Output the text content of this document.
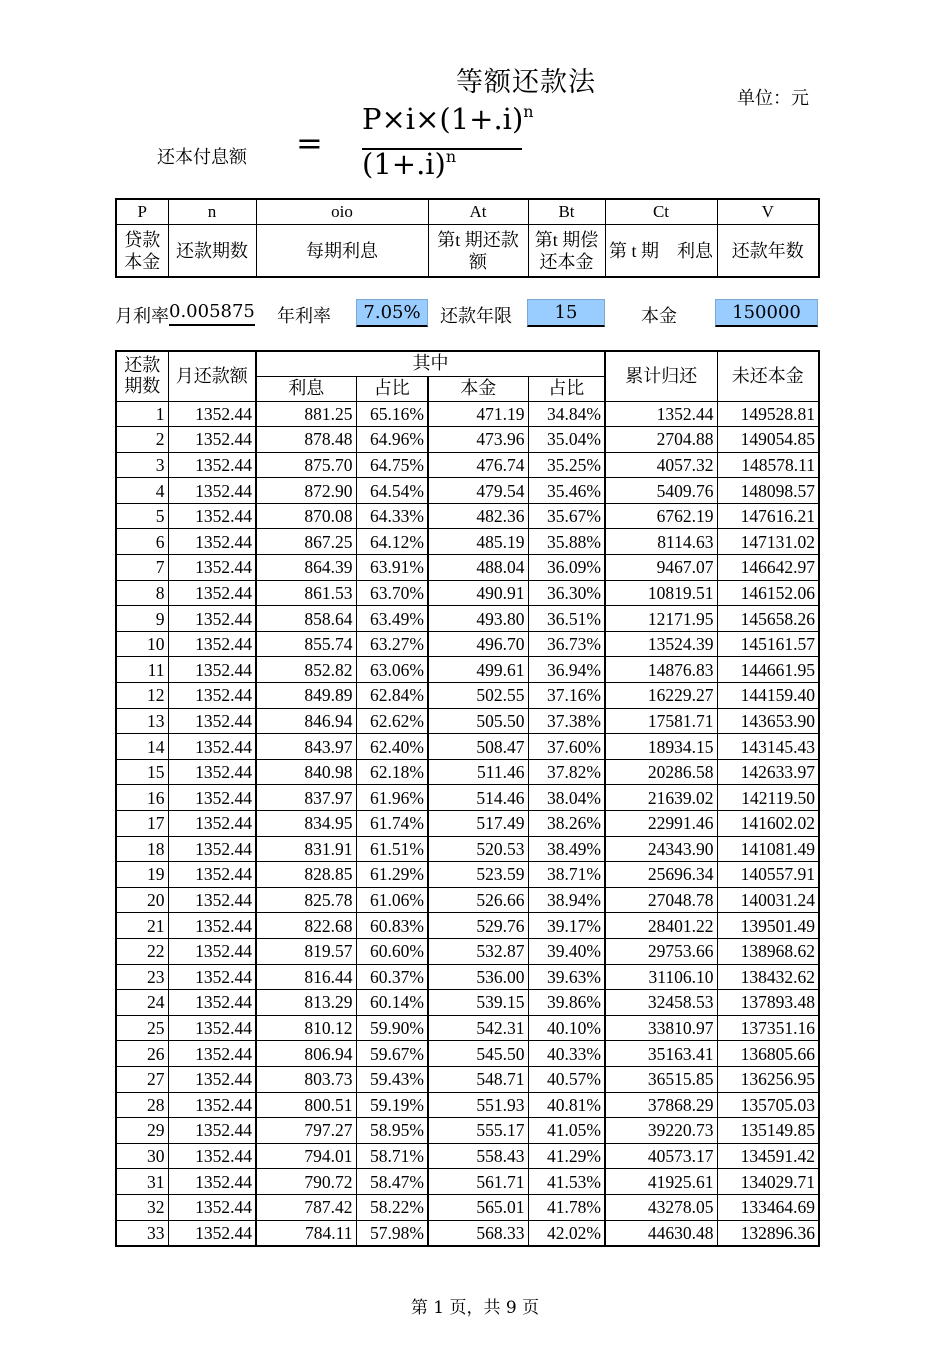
等额还款法
单位：元
还本付息额 =
$P\times i\times(1+.i)^n$
$(1+.i)^n$
P	n	oio	At	Bt	Ct	V
贷款本金	还款期数	每期利息	第t 期还款额	第t 期偿还本金	第 t 期　利息	还款年数
月利率 0.005875 年利率	7.05%	还款年限	15	本金	150000
还款期数	月还款额	其中				累计归还	未还本金
		利息	占比	本金	占比		
1	1352.44	881.25	65.16%	471.19	34.84%	1352.44	149528.81
2	1352.44	878.48	64.96%	473.96	35.04%	2704.88	149054.85
3	1352.44	875.70	64.75%	476.74	35.25%	4057.32	148578.11
4	1352.44	872.90	64.54%	479.54	35.46%	5409.76	148098.57
5	1352.44	870.08	64.33%	482.36	35.67%	6762.19	147616.21
6	1352.44	867.25	64.12%	485.19	35.88%	8114.63	147131.02
7	1352.44	864.39	63.91%	488.04	36.09%	9467.07	146642.97
8	1352.44	861.53	63.70%	490.91	36.30%	10819.51	146152.06
9	1352.44	858.64	63.49%	493.80	36.51%	12171.95	145658.26
10	1352.44	855.74	63.27%	496.70	36.73%	13524.39	145161.57
11	1352.44	852.82	63.06%	499.61	36.94%	14876.83	144661.95
12	1352.44	849.89	62.84%	502.55	37.16%	16229.27	144159.40
13	1352.44	846.94	62.62%	505.50	37.38%	17581.71	143653.90
14	1352.44	843.97	62.40%	508.47	37.60%	18934.15	143145.43
15	1352.44	840.98	62.18%	511.46	37.82%	20286.58	142633.97
16	1352.44	837.97	61.96%	514.46	38.04%	21639.02	142119.50
17	1352.44	834.95	61.74%	517.49	38.26%	22991.46	141602.02
18	1352.44	831.91	61.51%	520.53	38.49%	24343.90	141081.49
19	1352.44	828.85	61.29%	523.59	38.71%	25696.34	140557.91
20	1352.44	825.78	61.06%	526.66	38.94%	27048.78	140031.24
21	1352.44	822.68	60.83%	529.76	39.17%	28401.22	139501.49
22	1352.44	819.57	60.60%	532.87	39.40%	29753.66	138968.62
23	1352.44	816.44	60.37%	536.00	39.63%	31106.10	138432.62
24	1352.44	813.29	60.14%	539.15	39.86%	32458.53	137893.48
25	1352.44	810.12	59.90%	542.31	40.10%	33810.97	137351.16
26	1352.44	806.94	59.67%	545.50	40.33%	35163.41	136805.66
27	1352.44	803.73	59.43%	548.71	40.57%	36515.85	136256.95
28	1352.44	800.51	59.19%	551.93	40.81%	37868.29	135705.03
29	1352.44	797.27	58.95%	555.17	41.05%	39220.73	135149.85
30	1352.44	794.01	58.71%	558.43	41.29%	40573.17	134591.42
31	1352.44	790.72	58.47%	561.71	41.53%	41925.61	134029.71
32	1352.44	787.42	58.22%	565.01	41.78%	43278.05	133464.69
33	1352.44	784.11	57.98%	568.33	42.02%	44630.48	132896.36
第 1 页，共 9 页
